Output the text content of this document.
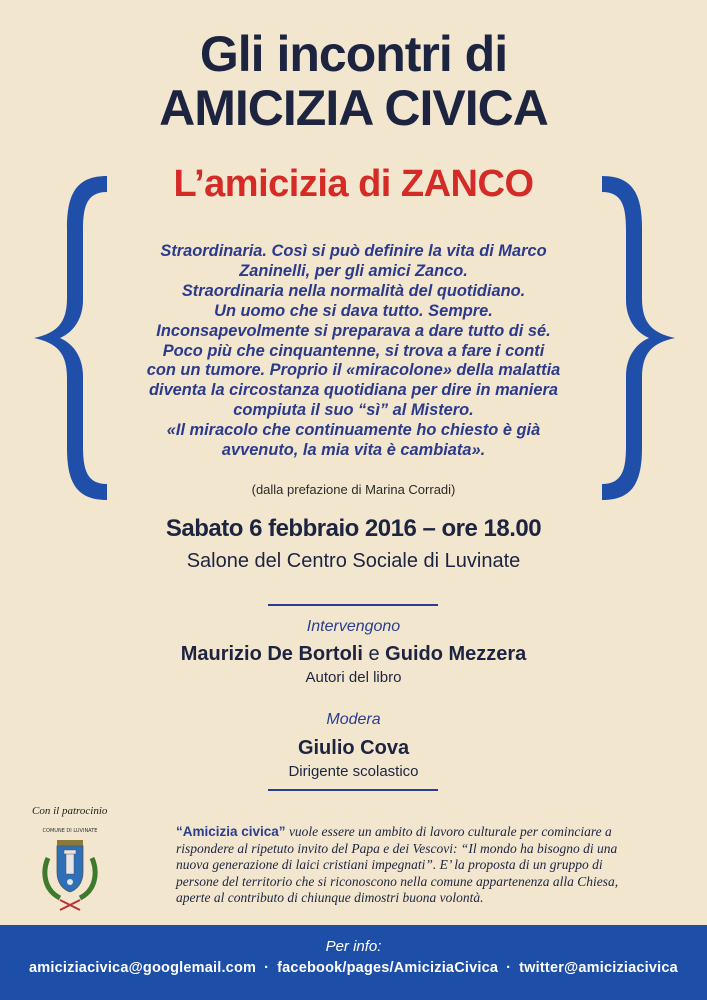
Gli incontri di
AMICIZIA CIVICA
L’amicizia di ZANCO
Straordinaria. Così si può definire la vita di Marco
Zaninelli, per gli amici Zanco.
Straordinaria nella normalità del quotidiano.
Un uomo che si dava tutto. Sempre.
Inconsapevolmente si preparava a dare tutto di sé.
Poco più che cinquantenne, si trova a fare i conti
con un tumore. Proprio il «miracolone» della malattia
diventa la circostanza quotidiana per dire in maniera
compiuta il suo “sì” al Mistero.
«Il miracolo che continuamente ho chiesto è già
avvenuto, la mia vita è cambiata».
(dalla prefazione di Marina Corradi)
Sabato 6 febbraio 2016 – ore 18.00
Salone del Centro Sociale di Luvinate
Intervengono
Maurizio De Bortoli e Guido Mezzera
Autori del libro
Modera
Giulio Cova
Dirigente scolastico
Con il patrocinio
COMUNE DI LUVINATE	“Amicizia civica” vuole essere un ambito di lavoro culturale per cominciare a
rispondere al ripetuto invito del Papa e dei Vescovi: “Il mondo ha bisogno di una
nuova generazione di laici cristiani impegnati”. E’ la proposta di un gruppo di
persone del territorio che si riconoscono nella comune appartenenza alla Chiesa,
aperte al contributo di chiunque dimostri buona volontà.
Per info:
amiciziacivica@googlemail.com · facebook/pages/AmiciziaCivica · twitter@amiciziacivica
